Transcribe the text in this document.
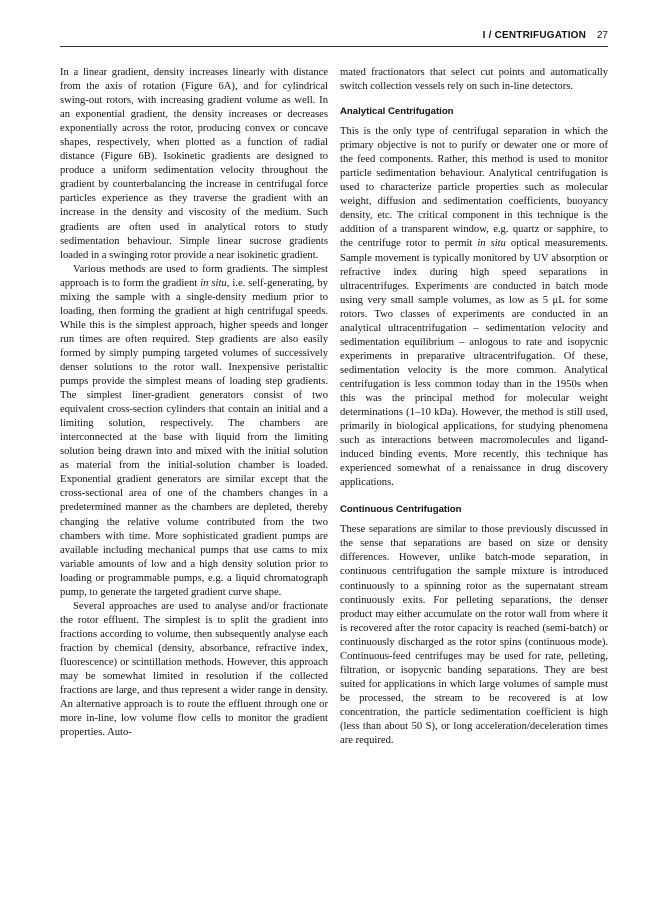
I / CENTRIFUGATION 27

In a linear gradient, density increases linearly with distance from the axis of rotation (Figure 6A), and for cylindrical swing-out rotors, with increasing gradient volume as well. In an exponential gradient, the density increases or decreases exponentially across the rotor, producing convex or concave shapes, respectively, when plotted as a function of radial distance (Figure 6B). Isokinetic gradients are designed to produce a uniform sedimentation velocity throughout the gradient by counterbalancing the increase in centrifugal force particles experience as they traverse the gradient with an increase in the density and viscosity of the medium. Such gradients are often used in analytical rotors to study sedimentation behaviour. Simple linear sucrose gradients loaded in a swinging rotor provide a near isokinetic gradient.

Various methods are used to form gradients. The simplest approach is to form the gradient in situ, i.e. self-generating, by mixing the sample with a single-density medium prior to loading, then forming the gradient at high centrifugal speeds. While this is the simplest approach, higher speeds and longer run times are often required. Step gradients are also easily formed by simply pumping targeted volumes of successively denser solutions to the rotor wall. Inexpensive peristaltic pumps provide the simplest means of loading step gradients. The simplest liner-gradient generators consist of two equivalent cross-section cylinders that contain an initial and a limiting solution, respectively. The chambers are interconnected at the base with liquid from the limiting solution being drawn into and mixed with the initial solution as material from the initial-solution chamber is loaded. Exponential gradient generators are similar except that the cross-sectional area of one of the chambers changes in a predetermined manner as the chambers are depleted, thereby changing the relative volume contributed from the two chambers with time. More sophisticated gradient pumps are available including mechanical pumps that use cams to mix variable amounts of low and a high density solution prior to loading or programmable pumps, e.g. a liquid chromatograph pump, to generate the targeted gradient curve shape.

Several approaches are used to analyse and/or fractionate the rotor effluent. The simplest is to split the gradient into fractions according to volume, then subsequently analyse each fraction by chemical (density, absorbance, refractive index, fluorescence) or scintillation methods. However, this approach may be somewhat limited in resolution if the collected fractions are large, and thus represent a wider range in density. An alternative approach is to route the effluent through one or more in-line, low volume flow cells to monitor the gradient properties. Auto-

mated fractionators that select cut points and automatically switch collection vessels rely on such in-line detectors.

Analytical Centrifugation

This is the only type of centrifugal separation in which the primary objective is not to purify or dewater one or more of the feed components. Rather, this method is used to monitor particle sedimentation behaviour. Analytical centrifugation is used to characterize particle properties such as molecular weight, diffusion and sedimentation coefficients, buoyancy density, etc. The critical component in this technique is the addition of a transparent window, e.g. quartz or sapphire, to the centrifuge rotor to permit in situ optical measurements. Sample movement is typically monitored by UV absorption or refractive index during high speed separations in ultracentrifuges. Experiments are conducted in batch mode using very small sample volumes, as low as 5 μL for some rotors. Two classes of experiments are conducted in an analytical ultracentrifugation – sedimentation velocity and sedimentation equilibrium – anlogous to rate and isopycnic experiments in preparative ultracentrifugation. Of these, sedimentation velocity is the more common. Analytical centrifugation is less common today than in the 1950s when this was the principal method for molecular weight determinations (1–10 kDa). However, the method is still used, primarily in biological applications, for studying phenomena such as interactions between macromolecules and ligand-induced binding events. More recently, this technique has experienced somewhat of a renaissance in drug discovery applications.

Continuous Centrifugation

These separations are similar to those previously discussed in the sense that separations are based on size or density differences. However, unlike batch-mode separation, in continuous centrifugation the sample mixture is introduced continuously to a spinning rotor as the supernatant stream continuously exits. For pelleting separations, the denser product may either accumulate on the rotor wall from where it is recovered after the rotor capacity is reached (semi-batch) or continuously discharged as the rotor spins (continuous mode). Continuous-feed centrifuges may be used for rate, pelleting, filtration, or isopycnic banding separations. They are best suited for applications in which large volumes of sample must be processed, the stream to be recovered is at low concentration, the particle sedimentation coefficient is high (less than about 50 S), or long acceleration/deceleration times are required.
